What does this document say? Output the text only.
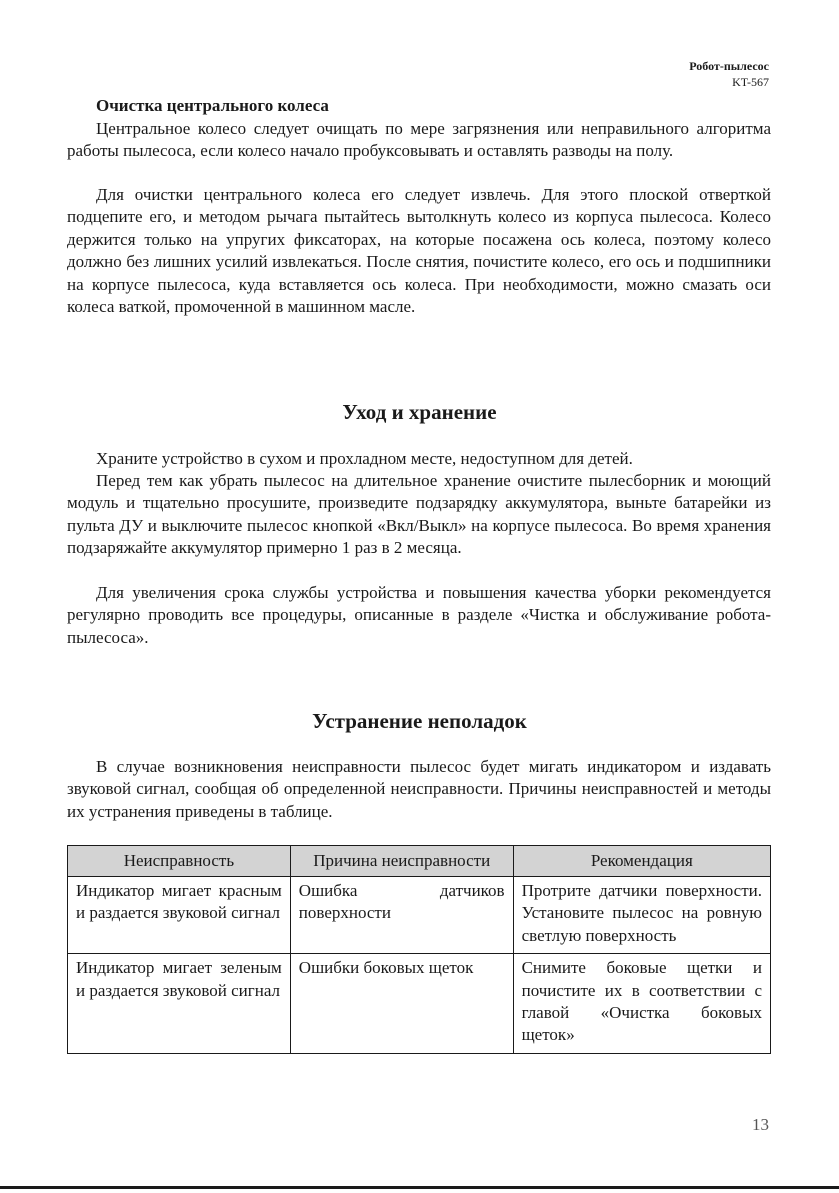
Робот-пылесос
KT-567
Очистка центрального колеса

Центральное колесо следует очищать по мере загрязнения или неправильного алгоритма работы пылесоса, если колесо начало пробуксовывать и оставлять разводы на полу.

Для очистки центрального колеса его следует извлечь. Для этого плоской отверткой подцепите его, и методом рычага пытайтесь вытолкнуть колесо из корпуса пылесоса. Колесо держится только на упругих фиксаторах, на которые посажена ось колеса, поэтому колесо должно без лишних усилий извлекаться. После снятия, почистите колесо, его ось и подшипники на корпусе пылесоса, куда вставляется ось колеса. При необходимости, можно смазать оси колеса ваткой, промоченной в машинном масле.

Уход и хранение

Храните устройство в сухом и прохладном месте, недоступном для детей.

Перед тем как убрать пылесос на длительное хранение очистите пылесборник и моющий модуль и тщательно просушите, произведите подзарядку аккумулятора, выньте батарейки из пульта ДУ и выключите пылесос кнопкой «Вкл/Выкл» на корпусе пылесоса. Во время хранения подзаряжайте аккумулятор примерно 1 раз в 2 месяца.

Для увеличения срока службы устройства и повышения качества уборки рекомендуется регулярно проводить все процедуры, описанные в разделе «Чистка и обслуживание робота-пылесоса».

Устранение неполадок

В случае возникновения неисправности пылесос будет мигать индикатором и издавать звуковой сигнал, сообщая об определенной неисправности. Причины неисправностей и методы их устранения приведены в таблице.

Неисправность	Причина неисправности	Рекомендация
Индикатор мигает красным и раздается звуковой сигнал	Ошибка датчиков поверхности	Протрите датчики поверхности. Установите пылесос на ровную светлую поверхность
Индикатор мигает зеленым и раздается звуковой сигнал	Ошибки боковых щеток	Снимите боковые щетки и почистите их в соответствии с главой «Очистка боковых щеток»
13
